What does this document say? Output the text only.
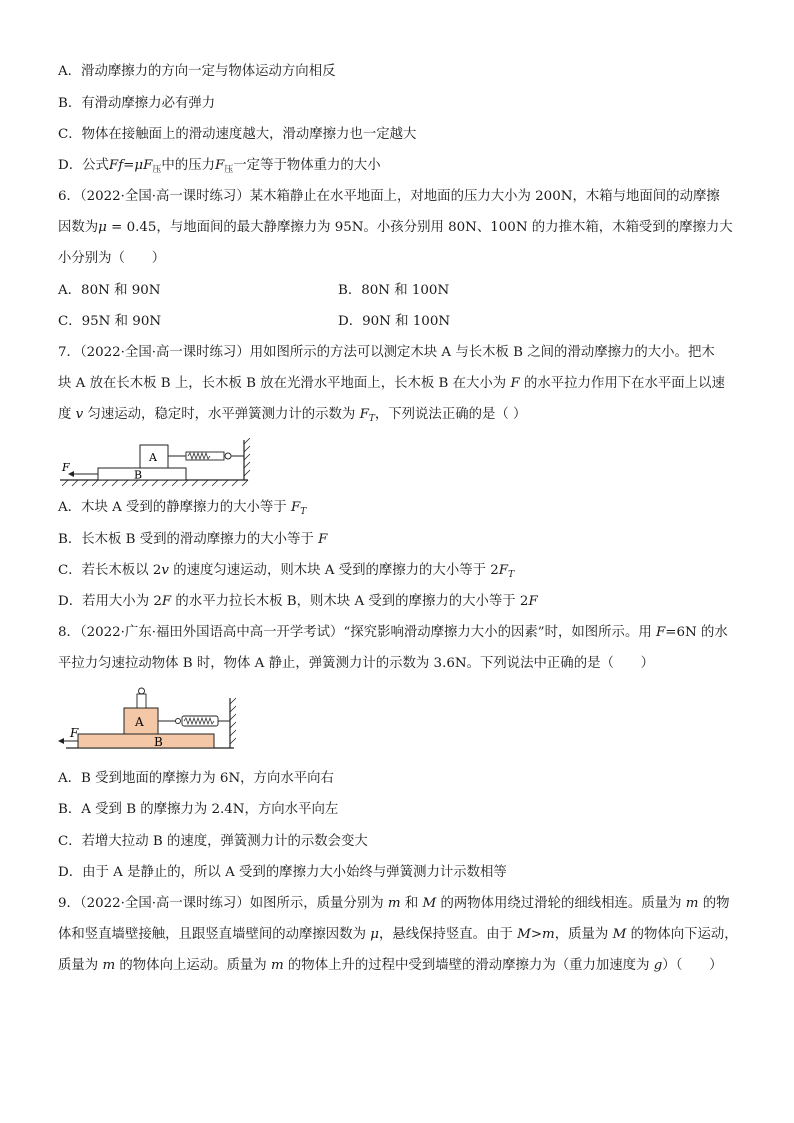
A．滑动摩擦力的方向一定与物体运动方向相反
B．有滑动摩擦力必有弹力
C．物体在接触面上的滑动速度越大，滑动摩擦力也一定越大
D．公式$Ff=\mu F_压$中的压力$F_压$一定等于物体重力的大小
6．（2022·全国·高一课时练习）某木箱静止在水平地面上，对地面的压力大小为 200N，木箱与地面间的动摩擦
因数为μ = 0.45，与地面间的最大静摩擦力为 95N。小孩分别用 80N、100N 的力推木箱，木箱受到的摩擦力大
小分别为（　　）
A．80N 和 90N	B．80N 和 100N
C．95N 和 90N	D．90N 和 100N
7．（2022·全国·高一课时练习）用如图所示的方法可以测定木块 A 与长木板 B 之间的滑动摩擦力的大小。把木
块 A 放在长木板 B 上，长木板 B 放在光滑水平地面上，长木板 B 在大小为 F 的水平拉力作用下在水平面上以速
度 v 匀速运动，稳定时，水平弹簧测力计的示数为 $F_T$，下列说法正确的是（ ）
B
A
F
A．木块 A 受到的静摩擦力的大小等于 $F_T$
B．长木板 B 受到的滑动摩擦力的大小等于 F
C．若长木板以 2v 的速度匀速运动，则木块 A 受到的摩擦力的大小等于 $2F_T$
D．若用大小为 2F 的水平力拉长木板 B，则木块 A 受到的摩擦力的大小等于 2F
8．（2022·广东·福田外国语高中高一开学考试）“探究影响滑动摩擦力大小的因素”时，如图所示。用 F=6N 的水
平拉力匀速拉动物体 B 时，物体 A 静止，弹簧测力计的示数为 3.6N。下列说法中正确的是（　　）
B
A
F
A．B 受到地面的摩擦力为 6N，方向水平向右
B．A 受到 B 的摩擦力为 2.4N，方向水平向左
C．若增大拉动 B 的速度，弹簧测力计的示数会变大
D．由于 A 是静止的，所以 A 受到的摩擦力大小始终与弹簧测力计示数相等
9．（2022·全国·高一课时练习）如图所示，质量分别为 m 和 M 的两物体用绕过滑轮的细线相连。质量为 m 的物
体和竖直墙壁接触，且跟竖直墙壁间的动摩擦因数为 μ，悬线保持竖直。由于 M>m，质量为 M 的物体向下运动，
质量为 m 的物体向上运动。质量为 m 的物体上升的过程中受到墙壁的滑动摩擦力为（重力加速度为 g）（　　）
